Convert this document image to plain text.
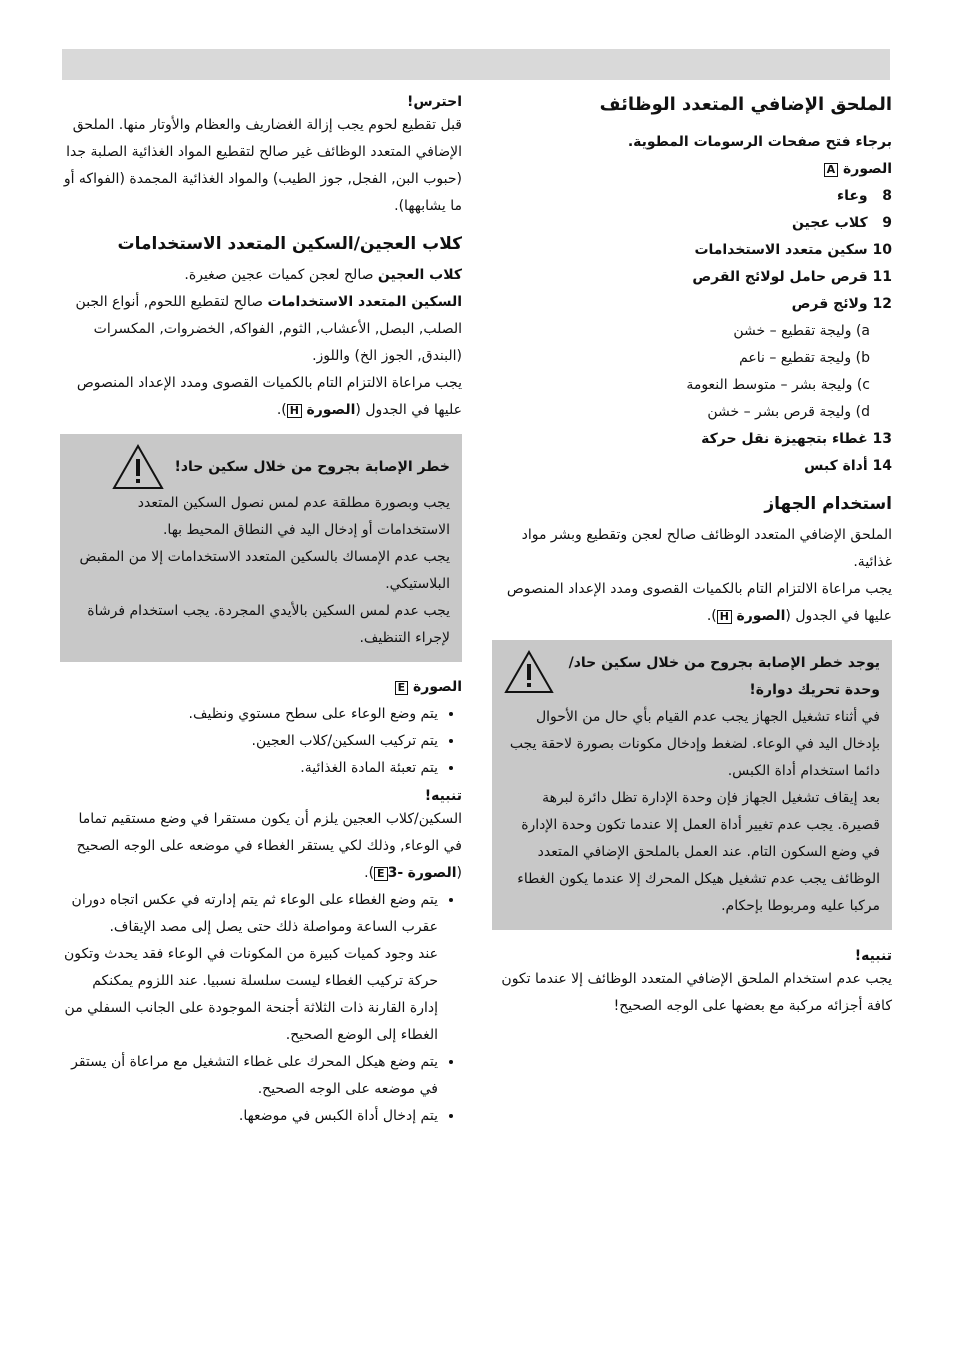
الملحق الإضافي المتعدد الوظائف
برجاء فتح صفحات الرسومات المطوية.
الصورة A
8   وعاء
9   كلاب عجين
10 سكين متعدد الاستخدامات
11 قرص حامل لولائج القرص
12 ولائج قرص
a) وليجة تقطيع – خشن
b) وليجة تقطيع – ناعم
c) وليجة بشر – متوسط النعومة
d) وليجة قرص بشر – خشن
13 غطاء بتجهيزة نقل حركة
14 أداة كبس
استخدام الجهاز

الملحق الإضافي المتعدد الوظائف صالح لعجن وتقطيع وبشر مواد غذائية.

يجب مراعاة الالتزام التام بالكميات القصوى ومدد الإعداد المنصوص عليها في الجدول (الصورة H).

يوجد خطر الإصابة بجروح من خلال سكين حاد/وحدة تحريك دوارة!

في أثناء تشغيل الجهاز يجب عدم القيام بأي حال من الأحوال بإدخال اليد في الوعاء. لضغط وإدخال مكونات بصورة لاحقة يجب دائما استخدام أداة الكبس.

بعد إيقاف تشغيل الجهاز فإن وحدة الإدارة تظل دائرة لبرهة قصيرة. يجب عدم تغيير أداة العمل إلا عندما تكون وحدة الإدارة في وضع السكون التام. عند العمل بالملحق الإضافي المتعدد الوظائف يجب عدم تشغيل هيكل المحرك إلا عندما يكون الغطاء مركبا عليه ومربوطا بإحكام.

تنبيه!

يجب عدم استخدام الملحق الإضافي المتعدد الوظائف إلا عندما تكون كافة أجزائه مركبة مع بعضها على الوجه الصحيح!

احترس!

قبل تقطيع لحوم يجب إزالة الغضاريف والعظام والأوتار منها. الملحق الإضافي المتعدد الوظائف غير صالح لتقطيع المواد الغذائية الصلبة جدا (حبوب البن, الفجل, جوز الطيب) والمواد الغذائية المجمدة (الفواكه أو ما يشابهها).

كلاب العجين/السكين المتعدد الاستخدامات

كلاب العجين صالح لعجن كميات عجين صغيرة.

السكين المتعدد الاستخدامات صالح لتقطيع اللحوم, أنواع الجبن الصلب, البصل, الأعشاب, الثوم, الفواكه, الخضروات, المكسرات (البندق, الجوز الخ) واللوز.

يجب مراعاة الالتزام التام بالكميات القصوى ومدد الإعداد المنصوص عليها في الجدول (الصورة H).

خطر الإصابة بجروح من خلال سكين حاد!

يجب وبصورة مطلقة عدم لمس نصول السكين المتعدد الاستخدامات أو إدخال اليد في النطاق المحيط بها.

يجب عدم الإمساك بالسكين المتعدد الاستخدامات إلا من المقبض البلاستيكي.

يجب عدم لمس السكين بالأيدي المجردة. يجب استخدام فرشاة لإجراء التنظيف.

الصورة E
• يتم وضع الوعاء على سطح مستوي ونظيف.
• يتم تركيب السكين/كلاب العجين.
• يتم تعبئة المادة الغذائية.
تنبيه!

السكين/كلاب العجين يلزم أن يكون مستقرا في وضع مستقيم تماما في الوعاء, وذلك لكي يستقر الغطاء في موضعه على الوجه الصحيح (الصورة -3E).

• يتم وضع الغطاء على الوعاء ثم يتم إدارته في عكس اتجاه دوران عقرب الساعة ومواصلة ذلك حتى يصل إلى مصد الإيقاف.
عند وجود كميات كبيرة من المكونات في الوعاء فقد يحدث وتكون حركة تركيب الغطاء ليست سلسلة نسبيا. عند اللزوم يمكنكم إدارة القارنة ذات الثلاثة أجنحة الموجودة على الجانب السفلي من الغطاء إلى الوضع الصحيح.
• يتم وضع هيكل المحرك على غطاء التشغيل مع مراعاة أن يستقر في موضعه على الوجه الصحيح.
• يتم إدخال أداة الكبس في موضعها.
